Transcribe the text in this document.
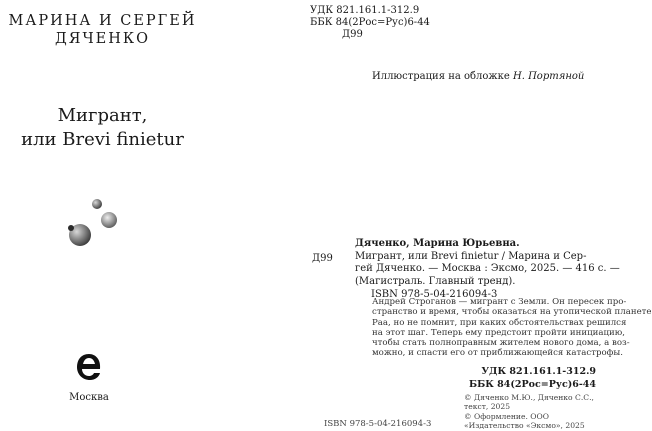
МАРИНА И СЕРГЕЙ
ДЯЧЕНКО
Мигрант,
или Brevi finietur
Москва
УДК 821.161.1-312.9
ББК 84(2Рос=Рус)6-44
Д99
Иллюстрация на обложке Н. Портяной
Д99
Дяченко, Марина Юрьевна.
Мигрант, или Brevi finietur / Марина и Сер-
гей Дяченко. — Москва : Эксмо, 2025. — 416 с. —
(Магистраль. Главный тренд).
ISBN 978-5-04-216094-3
Андрей Строганов — мигрант с Земли. Он пересек про-
странство и время, чтобы оказаться на утопической планете
Раа, но не помнит, при каких обстоятельствах решился
на этот шаг. Теперь ему предстоит пройти инициацию,
чтобы стать полноправным жителем нового дома, а воз-
можно, и спасти его от приближающейся катастрофы.
УДК 821.161.1-312.9
ББК 84(2Рос=Рус)6-44
© Дяченко М.Ю., Дяченко С.С.,
текст, 2025
© Оформление. ООО
«Издательство «Эксмо», 2025
ISBN 978-5-04-216094-3
